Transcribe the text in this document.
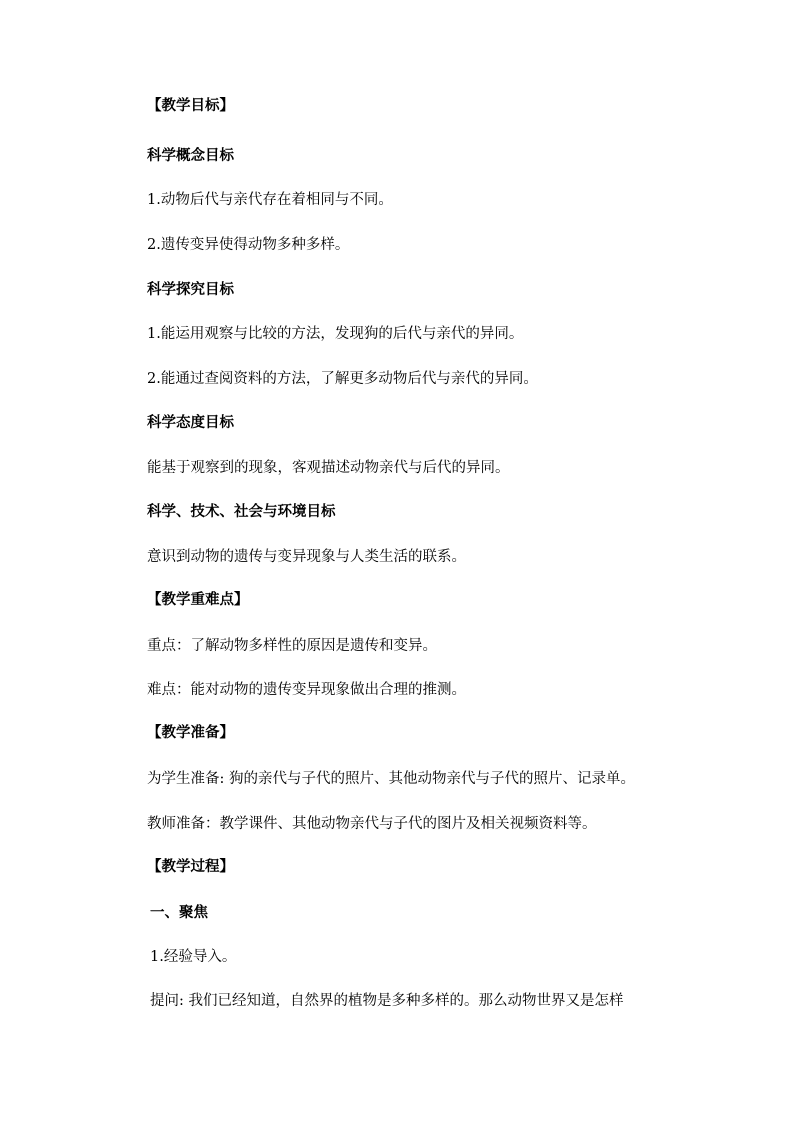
【教学目标】
科学概念目标
1.动物后代与亲代存在着相同与不同。
2.遗传变异使得动物多种多样。
科学探究目标
1.能运用观察与比较的方法，发现狗的后代与亲代的异同。
2.能通过查阅资料的方法，了解更多动物后代与亲代的异同。
科学态度目标
能基于观察到的现象，客观描述动物亲代与后代的异同。
科学、技术、社会与环境目标
意识到动物的遗传与变异现象与人类生活的联系。
【教学重难点】
重点：了解动物多样性的原因是遗传和变异。
难点：能对动物的遗传变异现象做出合理的推测。
【教学准备】
为学生准备: 狗的亲代与子代的照片、其他动物亲代与子代的照片、记录单。
教师准备：教学课件、其他动物亲代与子代的图片及相关视频资料等。
【教学过程】
一、聚焦
1.经验导入。
提问: 我们已经知道，自然界的植物是多种多样的。那么动物世界又是怎样
